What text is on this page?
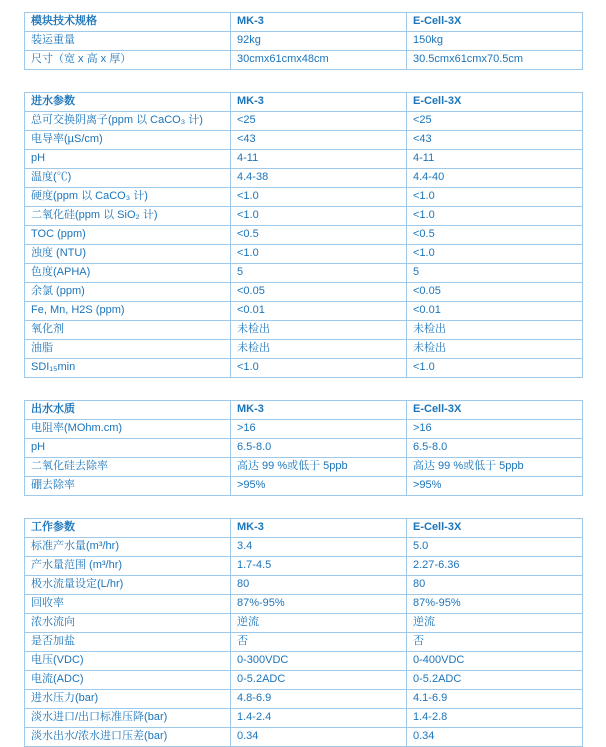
模块技术规格	MK-3	E-Cell-3X
装运重量	92kg	150kg
尺寸（宽 x 高 x 厚）	30cmx61cmx48cm	30.5cmx61cmx70.5cm
进水参数	MK-3	E-Cell-3X
总可交换阴离子(ppm 以 CaCO₃ 计)	<25	<25
电导率(µS/cm)	<43	<43
pH	4-11	4-11
温度(℃)	4.4-38	4.4-40
硬度(ppm 以 CaCO₃ 计)	<1.0	<1.0
二氧化硅(ppm 以 SiO₂ 计)	<1.0	<1.0
TOC (ppm)	<0.5	<0.5
浊度 (NTU)	<1.0	<1.0
色度(APHA)	5	5
余氯 (ppm)	<0.05	<0.05
Fe, Mn, H2S (ppm)	<0.01	<0.01
氧化剂	未检出	未检出
油脂	未检出	未检出
SDI₁₅min	<1.0	<1.0
出水水质	MK-3	E-Cell-3X
电阻率(MOhm.cm)	>16	>16
pH	6.5-8.0	6.5-8.0
二氧化硅去除率	高达 99 %或低于 5ppb	高达 99 %或低于 5ppb
硼去除率	>95%	>95%
工作参数	MK-3	E-Cell-3X
标准产水量(m³/hr)	3.4	5.0
产水量范围 (m³/hr)	1.7-4.5	2.27-6.36
极水流量设定(L/hr)	80	80
回收率	87%-95%	87%-95%
浓水流向	逆流	逆流
是否加盐	否	否
电压(VDC)	0-300VDC	0-400VDC
电流(ADC)	0-5.2ADC	0-5.2ADC
进水压力(bar)	4.8-6.9	4.1-6.9
淡水进口/出口标准压降(bar)	1.4-2.4	1.4-2.8
淡水出水/浓水进口压差(bar)	0.34	0.34
